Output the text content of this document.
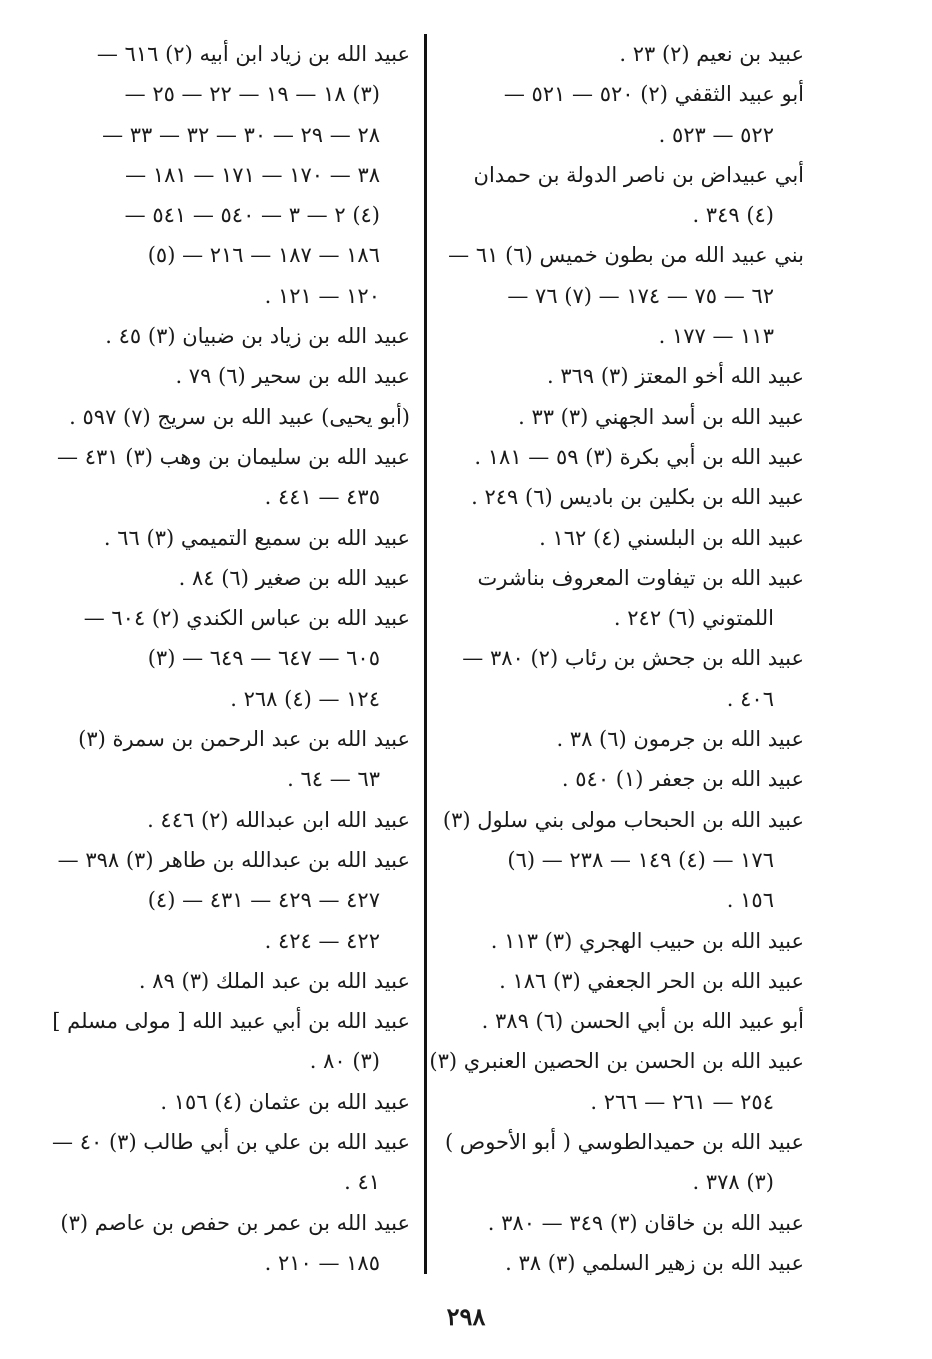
عبيد بن نعيم (٢) ٢٣ .
أبو عبيد الثقفي (٢) ٥٢٠ — ٥٢١ —
٥٢٢ — ٥٢٣ .
أبي عبيداض بن ناصر الدولة بن حمدان
(٤) ٣٤٩ .
بني عبيد الله من بطون خميس (٦) ٦١ —
٦٢ — ٧٥ — ١٧٤ — (٧) ٧٦ —
١١٣ — ١٧٧ .
عبيد الله أخو المعتز (٣) ٣٦٩ .
عبيد الله بن أسد الجهني (٣) ٣٣ .
عبيد الله بن أبي بكرة (٣) ٥٩ — ١٨١ .
عبيد الله بن بكلين بن باديس (٦) ٢٤٩ .
عبيد الله بن البلسني (٤) ١٦٢ .
عبيد الله بن تيفاوت المعروف بناشرت
اللمتوني (٦) ٢٤٢ .
عبيد الله بن جحش بن رئاب (٢) ٣٨٠ —
٤٠٦ .
عبيد الله بن جرمون (٦) ٣٨ .
عبيد الله بن جعفر (١) ٥٤٠ .
عبيد الله بن الحبحاب مولى بني سلول (٣)
١٧٦ — (٤) ١٤٩ — ٢٣٨ — (٦)
١٥٦ .
عبيد الله بن حبيب الهجري (٣) ١١٣ .
عبيد الله بن الحر الجعفي (٣) ١٨٦ .
أبو عبيد الله بن أبي الحسن (٦) ٣٨٩ .
عبيد الله بن الحسن بن الحصين العنبري (٣)
٢٥٤ — ٢٦١ — ٢٦٦ .
عبيد الله بن حميدالطوسي ( أبو الأحوص )
(٣) ٣٧٨ .
عبيد الله بن خاقان (٣) ٣٤٩ — ٣٨٠ .
عبيد الله بن زهير السلمي (٣) ٣٨ .
عبيد الله بن زياد ابن أبيه (٢) ٦١٦ —
(٣) ١٨ — ١٩ — ٢٢ — ٢٥ —
٢٨ — ٢٩ — ٣٠ — ٣٢ — ٣٣ —
٣٨ — ١٧٠ — ١٧١ — ١٨١ —
(٤) ٢ — ٣ — ٥٤٠ — ٥٤١ —
١٨٦ — ١٨٧ — ٢١٦ — (٥)
١٢٠ — ١٢١ .
عبيد الله بن زياد بن ضبيان (٣) ٤٥ .
عبيد الله بن سحير (٦) ٧٩ .
(أبو يحيى) عبيد الله بن سريج (٧) ٥٩٧ .
عبيد الله بن سليمان بن وهب (٣) ٤٣١ —
٤٣٥ — ٤٤١ .
عبيد الله بن سميع التميمي (٣) ٦٦ .
عبيد الله بن صغير (٦) ٨٤ .
عبيد الله بن عباس الكندي (٢) ٦٠٤ —
٦٠٥ — ٦٤٧ — ٦٤٩ — (٣)
١٢٤ — (٤) ٢٦٨ .
عبيد الله بن عبد الرحمن بن سمرة (٣)
٦٣ — ٦٤ .
عبيد الله ابن عبدالله (٢) ٤٤٦ .
عبيد الله بن عبدالله بن طاهر (٣) ٣٩٨ —
٤٢٧ — ٤٢٩ — ٤٣١ — (٤)
٤٢٢ — ٤٢٤ .
عبيد الله بن عبد الملك (٣) ٨٩ .
عبيد الله بن أبي عبيد الله [ مولى مسلم ]
(٣) ٨٠ .
عبيد الله بن عثمان (٤) ١٥٦ .
عبيد الله بن علي بن أبي طالب (٣) ٤٠ —
٤١ .
عبيد الله بن عمر بن حفص بن عاصم (٣)
١٨٥ — ٢١٠ .
٢٩٨
